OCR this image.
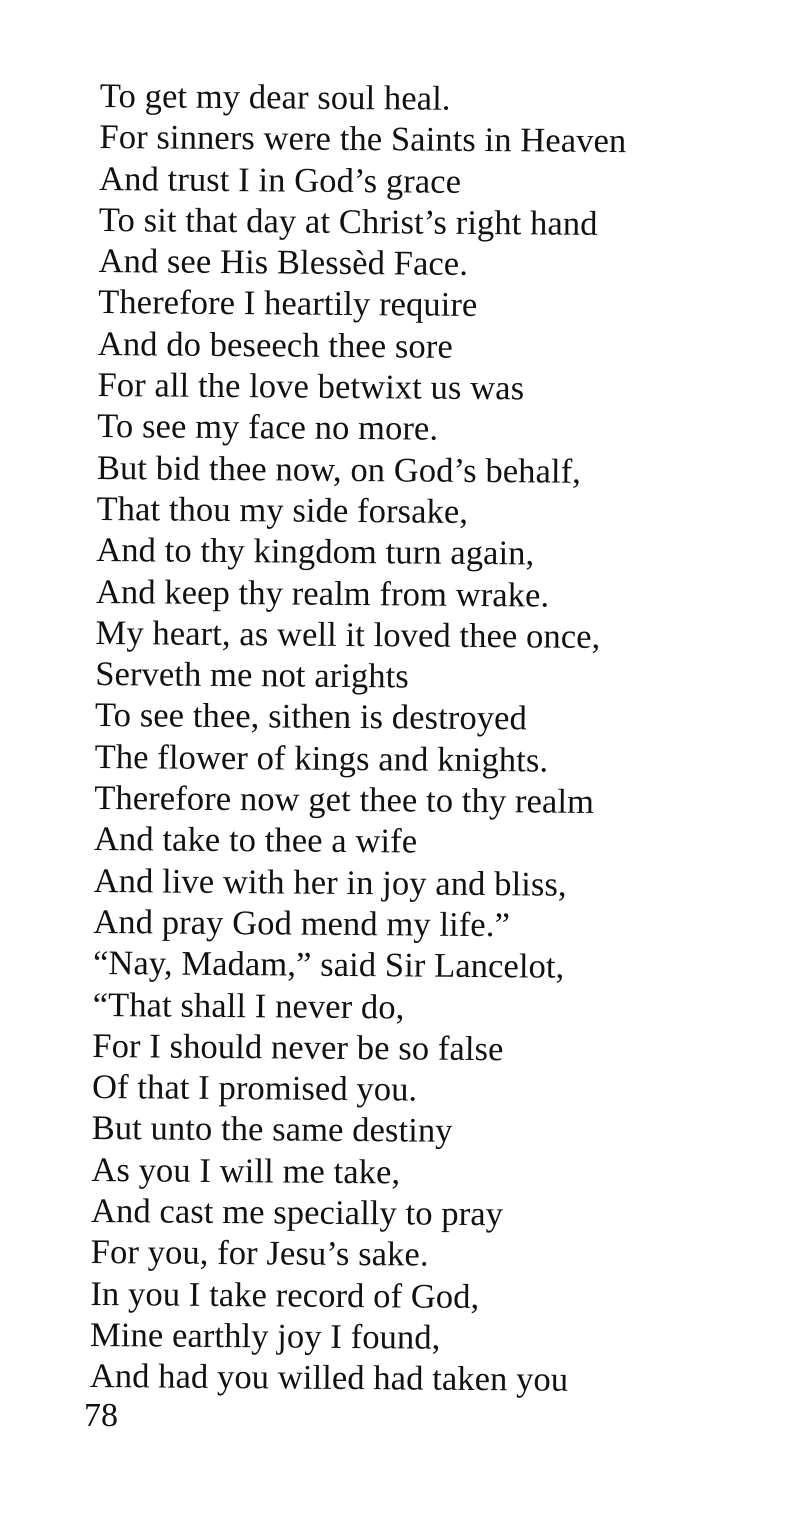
To get my dear soul heal.
For sinners were the Saints in Heaven
And trust I in God’s grace
To sit that day at Christ’s right hand
And see His Blessèd Face.
Therefore I heartily require
And do beseech thee sore
For all the love betwixt us was
To see my face no more.
But bid thee now, on God’s behalf,
That thou my side forsake,
And to thy kingdom turn again,
And keep thy realm from wrake.
My heart, as well it loved thee once,
Serveth me not arights
To see thee, sithen is destroyed
The flower of kings and knights.
Therefore now get thee to thy realm
And take to thee a wife
And live with her in joy and bliss,
And pray God mend my life.”
“Nay, Madam,” said Sir Lancelot,
“That shall I never do,
For I should never be so false
Of that I promised you.
But unto the same destiny
As you I will me take,
And cast me specially to pray
For you, for Jesu’s sake.
In you I take record of God,
Mine earthly joy I found,
And had you willed had taken you
78
